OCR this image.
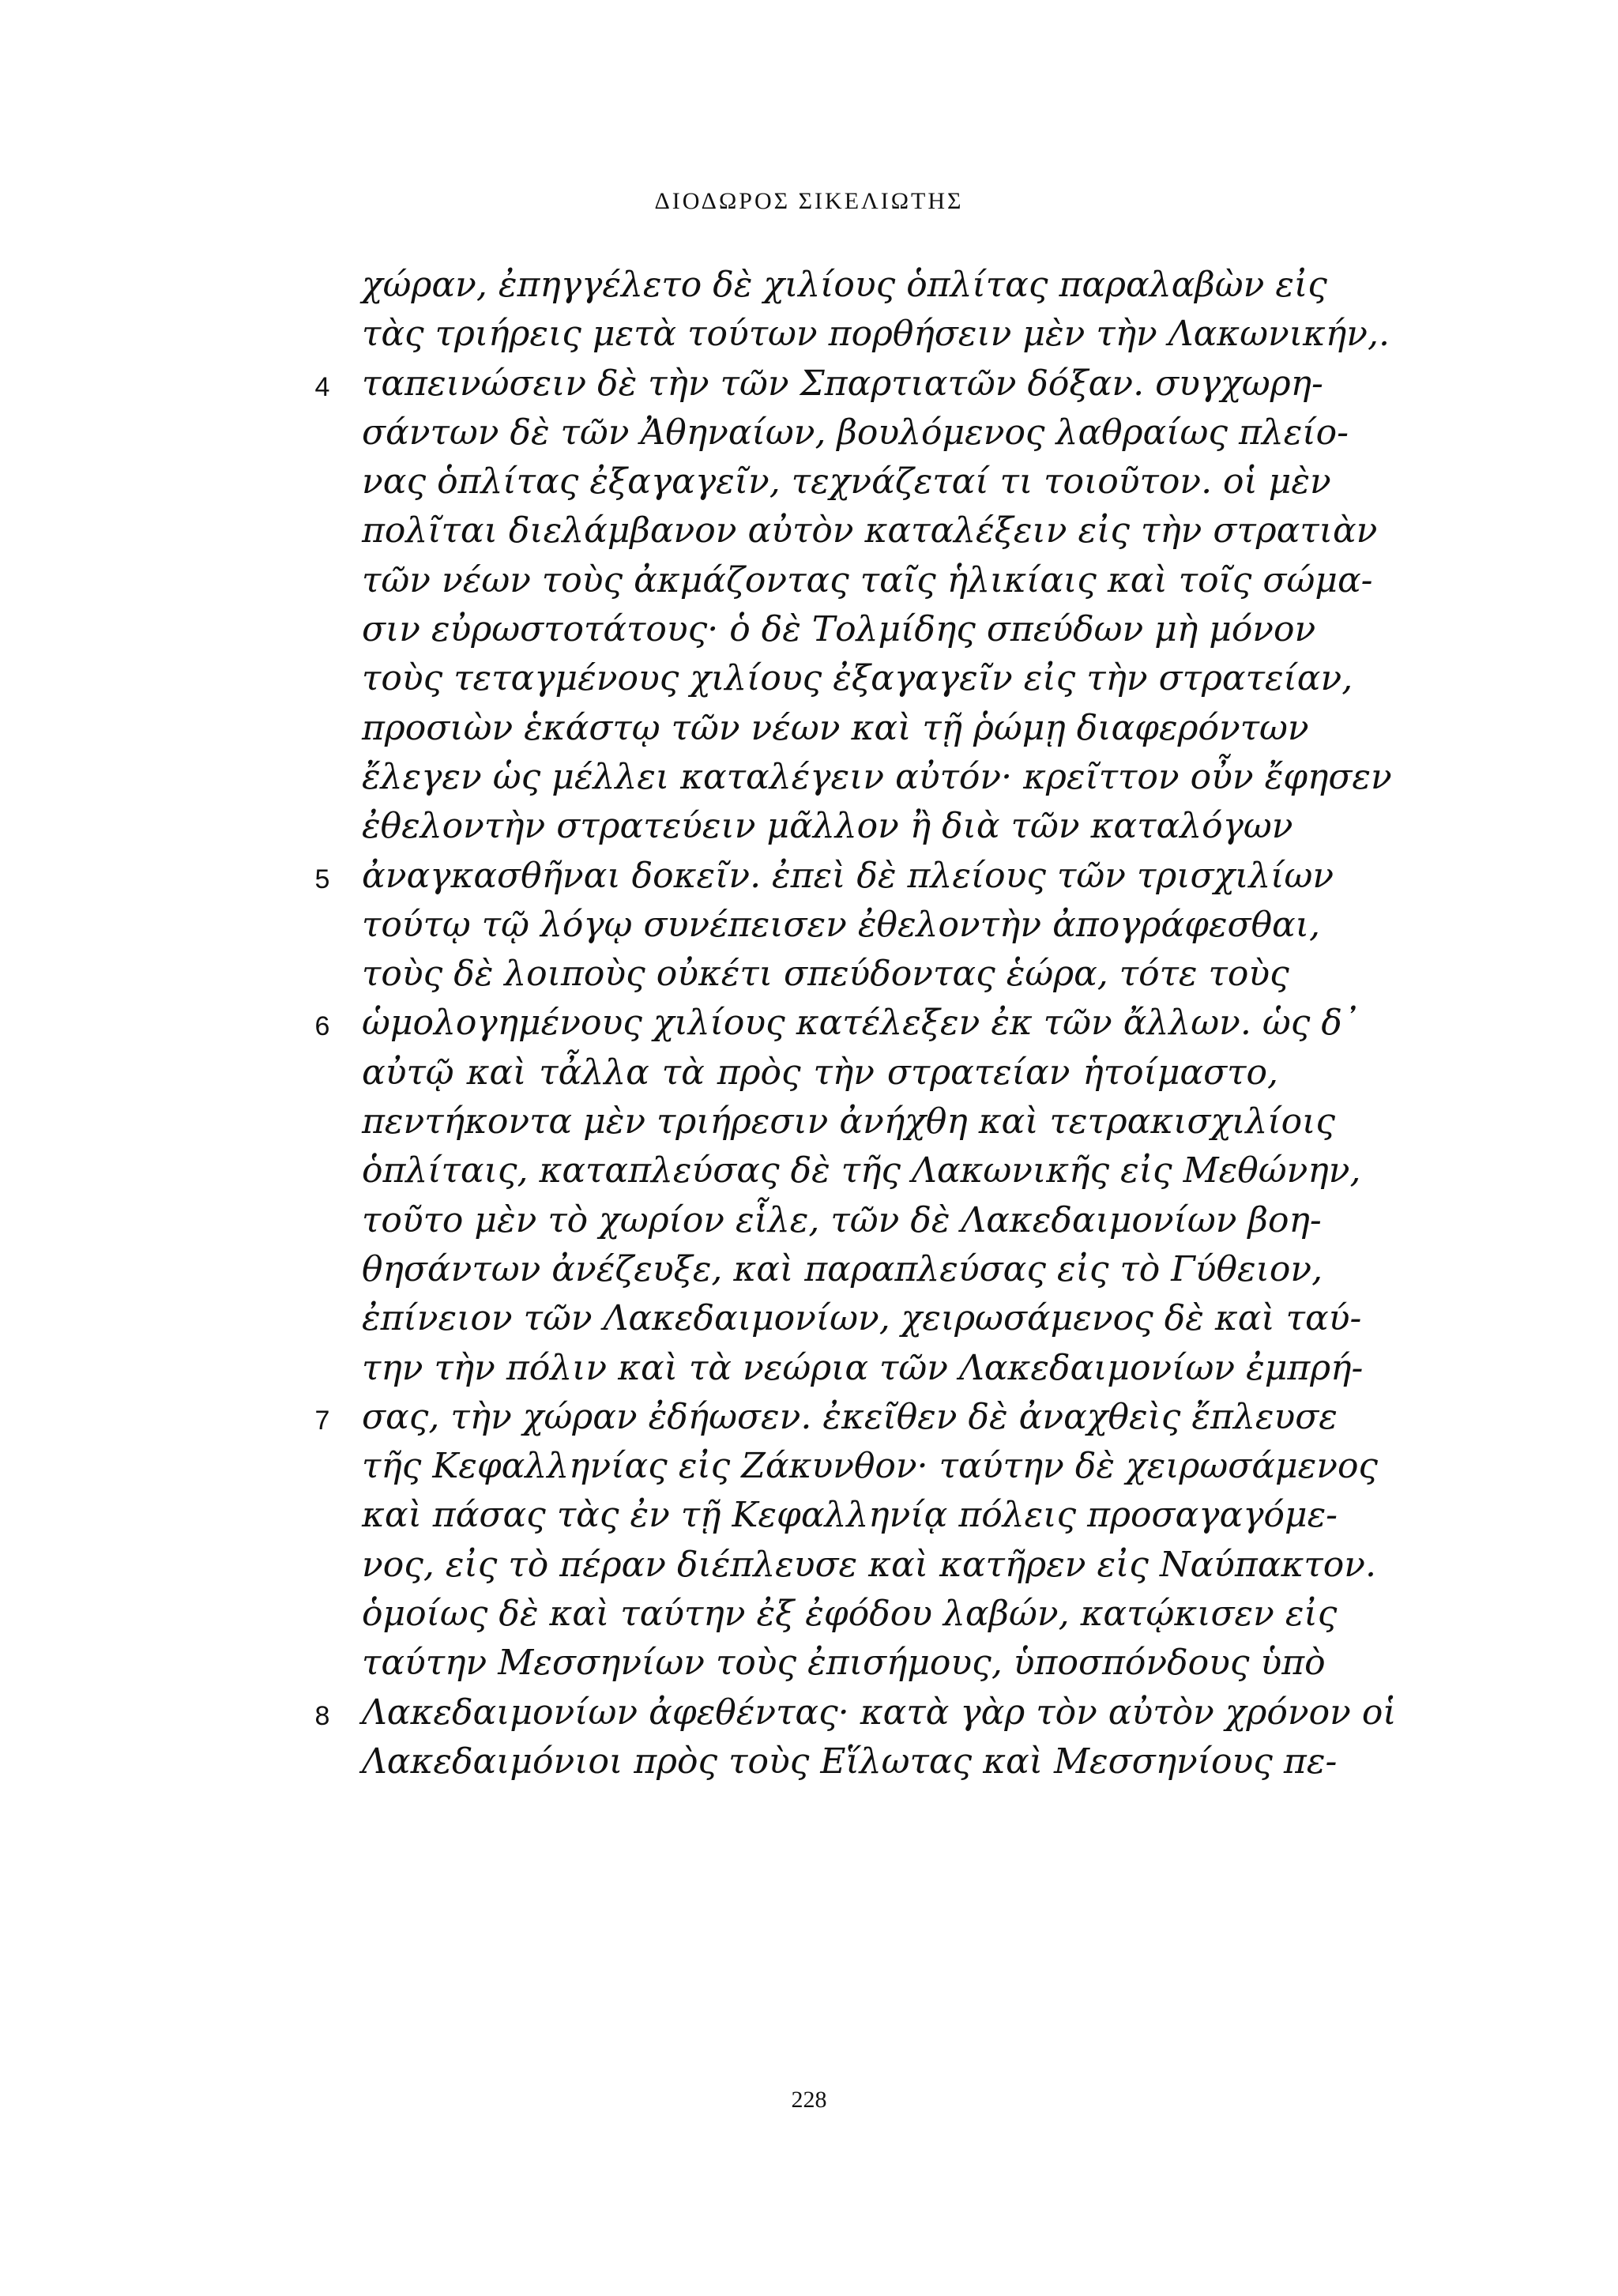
ΔΙΟΔΩΡΟΣ ΣΙΚΕΛΙΩΤΗΣ
χώραν, ἐπηγγέλετο δὲ χιλίους ὁπλίτας παραλαβὼν εἰς
τὰς τριήρεις μετὰ τούτων πορθήσειν μὲν τὴν Λακωνικήν,.
4 ταπεινώσειν δὲ τὴν τῶν Σπαρτιατῶν δόξαν. συγχωρη-
σάντων δὲ τῶν Ἀθηναίων, βουλόμενος λαθραίως πλείο-
νας ὁπλίτας ἐξαγαγεῖν, τεχνάζεταί τι τοιοῦτον. οἱ μὲν
πολῖται διελάμβανον αὐτὸν καταλέξειν εἰς τὴν στρατιὰν
τῶν νέων τοὺς ἀκμάζοντας ταῖς ἡλικίαις καὶ τοῖς σώμα-
σιν εὐρωστοτάτους· ὁ δὲ Τολμίδης σπεύδων μὴ μόνον
τοὺς τεταγμένους χιλίους ἐξαγαγεῖν εἰς τὴν στρατείαν,
προσιὼν ἑκάστῳ τῶν νέων καὶ τῇ ῥώμῃ διαφερόντων
ἔλεγεν ὡς μέλλει καταλέγειν αὐτόν· κρεῖττον οὖν ἔφησεν
ἐθελοντὴν στρατεύειν μᾶλλον ἢ διὰ τῶν καταλόγων
5 ἀναγκασθῆναι δοκεῖν. ἐπεὶ δὲ πλείους τῶν τρισχιλίων
τούτῳ τῷ λόγῳ συνέπεισεν ἐθελοντὴν ἀπογράφεσθαι,
τοὺς δὲ λοιποὺς οὐκέτι σπεύδοντας ἑώρα, τότε τοὺς
6 ὡμολογημένους χιλίους κατέλεξεν ἐκ τῶν ἄλλων. ὡς δ᾽
αὐτῷ καὶ τἆλλα τὰ πρὸς τὴν στρατείαν ἡτοίμαστο,
πεντήκοντα μὲν τριήρεσιν ἀνήχθη καὶ τετρακισχιλίοις
ὁπλίταις, καταπλεύσας δὲ τῆς Λακωνικῆς εἰς Μεθώνην,
τοῦτο μὲν τὸ χωρίον εἷλε, τῶν δὲ Λακεδαιμονίων βοη-
θησάντων ἀνέζευξε, καὶ παραπλεύσας εἰς τὸ Γύθειον,
ἐπίνειον τῶν Λακεδαιμονίων, χειρωσάμενος δὲ καὶ ταύ-
την τὴν πόλιν καὶ τὰ νεώρια τῶν Λακεδαιμονίων ἐμπρή-
7 σας, τὴν χώραν ἐδήωσεν. ἐκεῖθεν δὲ ἀναχθεὶς ἔπλευσε
τῆς Κεφαλληνίας εἰς Ζάκυνθον· ταύτην δὲ χειρωσάμενος
καὶ πάσας τὰς ἐν τῇ Κεφαλληνίᾳ πόλεις προσαγαγόμε-
νος, εἰς τὸ πέραν διέπλευσε καὶ κατῆρεν εἰς Ναύπακτον.
ὁμοίως δὲ καὶ ταύτην ἐξ ἐφόδου λαβών, κατῴκισεν εἰς
ταύτην Μεσσηνίων τοὺς ἐπισήμους, ὑποσπόνδους ὑπὸ
8 Λακεδαιμονίων ἀφεθέντας· κατὰ γὰρ τὸν αὐτὸν χρόνον οἱ
Λακεδαιμόνιοι πρὸς τοὺς Εἵλωτας καὶ Μεσσηνίους πε-
228
